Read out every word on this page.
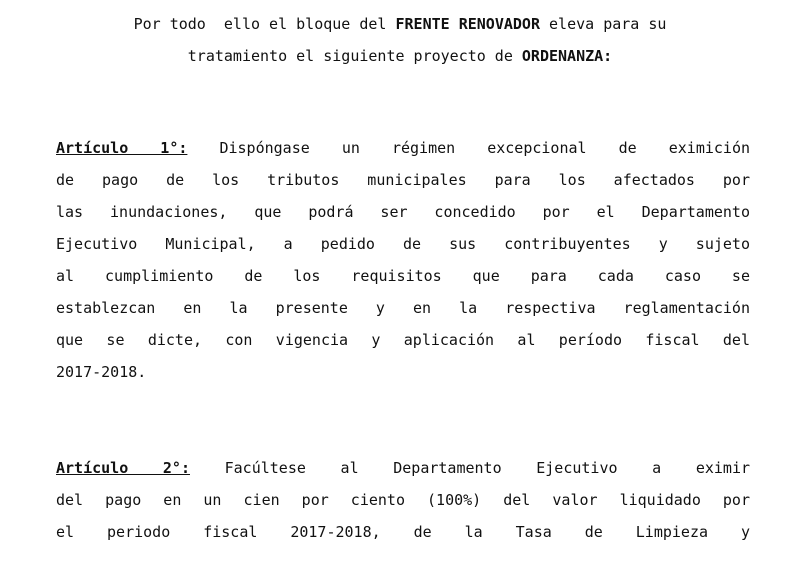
Por todo  ello el bloque del FRENTE RENOVADOR eleva para su
tratamiento el siguiente proyecto de ORDENANZA:
Artículo 1°: Dispóngase un régimen excepcional de eximición
de pago de los tributos municipales para los afectados por
las inundaciones, que podrá ser concedido por el Departamento
Ejecutivo Municipal, a pedido de sus contribuyentes y sujeto
al cumplimiento de los requisitos que para cada caso se
establezcan en la presente y en la respectiva reglamentación
que se dicte, con vigencia y aplicación al período fiscal del
2017-2018.
Artículo 2°: Facúltese al Departamento Ejecutivo a eximir
del pago en un cien por ciento (100%) del valor liquidado por
el periodo fiscal 2017-2018, de la Tasa de Limpieza y
